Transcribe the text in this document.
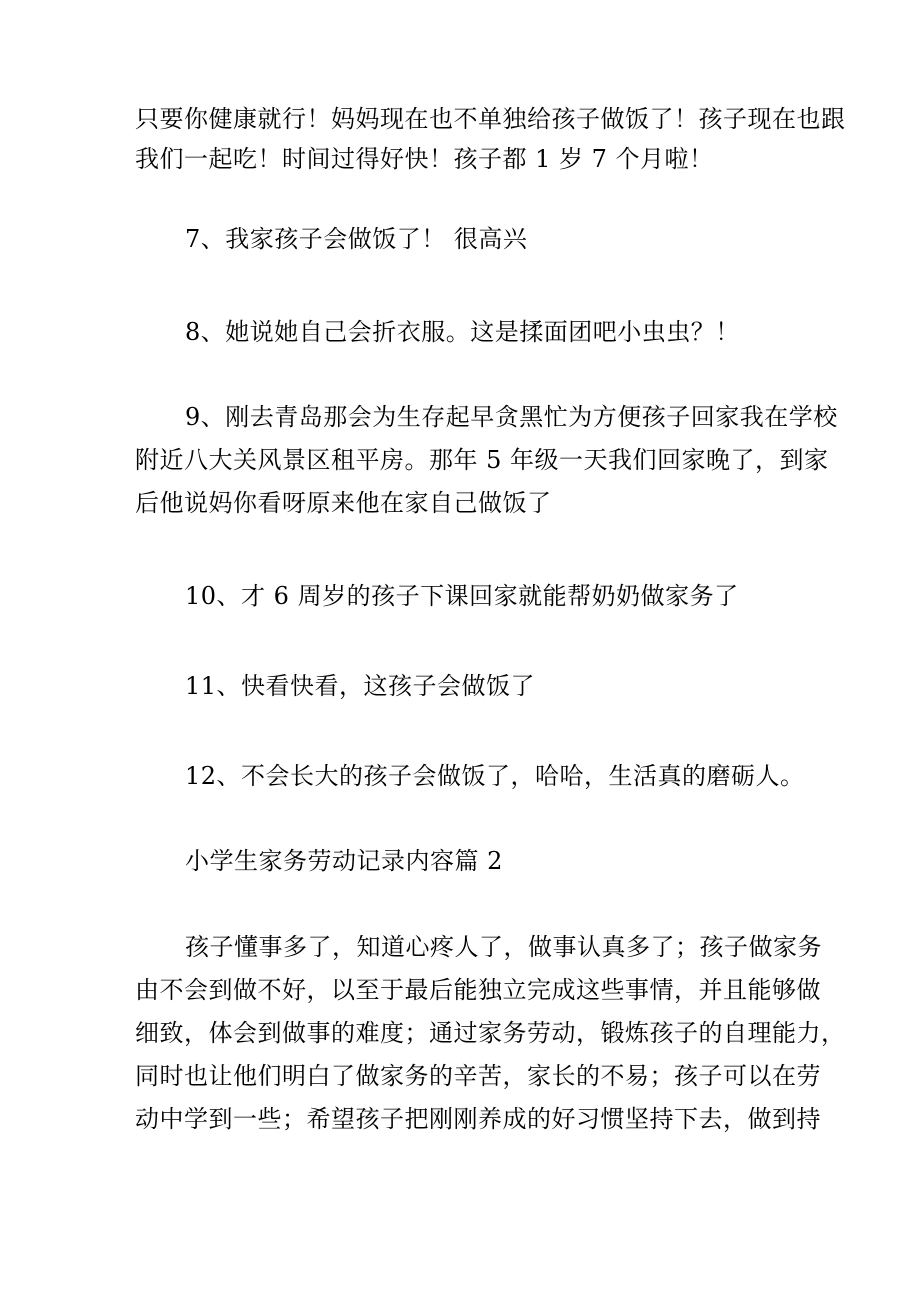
只要你健康就行！妈妈现在也不单独给孩子做饭了！孩子现在也跟
我们一起吃！时间过得好快！孩子都 1 岁 7 个月啦！
7、我家孩子会做饭了！ 很高兴
8、她说她自己会折衣服。这是揉面团吧小虫虫？！
9、刚去青岛那会为生存起早贪黑忙为方便孩子回家我在学校
附近八大关风景区租平房。那年 5 年级一天我们回家晚了，到家
后他说妈你看呀原来他在家自己做饭了
10、才 6 周岁的孩子下课回家就能帮奶奶做家务了
11、快看快看，这孩子会做饭了
12、不会长大的孩子会做饭了，哈哈，生活真的磨砺人。
小学生家务劳动记录内容篇 2
孩子懂事多了，知道心疼人了，做事认真多了；孩子做家务
由不会到做不好，以至于最后能独立完成这些事情，并且能够做
细致，体会到做事的难度；通过家务劳动，锻炼孩子的自理能力，
同时也让他们明白了做家务的辛苦，家长的不易；孩子可以在劳
动中学到一些；希望孩子把刚刚养成的好习惯坚持下去，做到持
